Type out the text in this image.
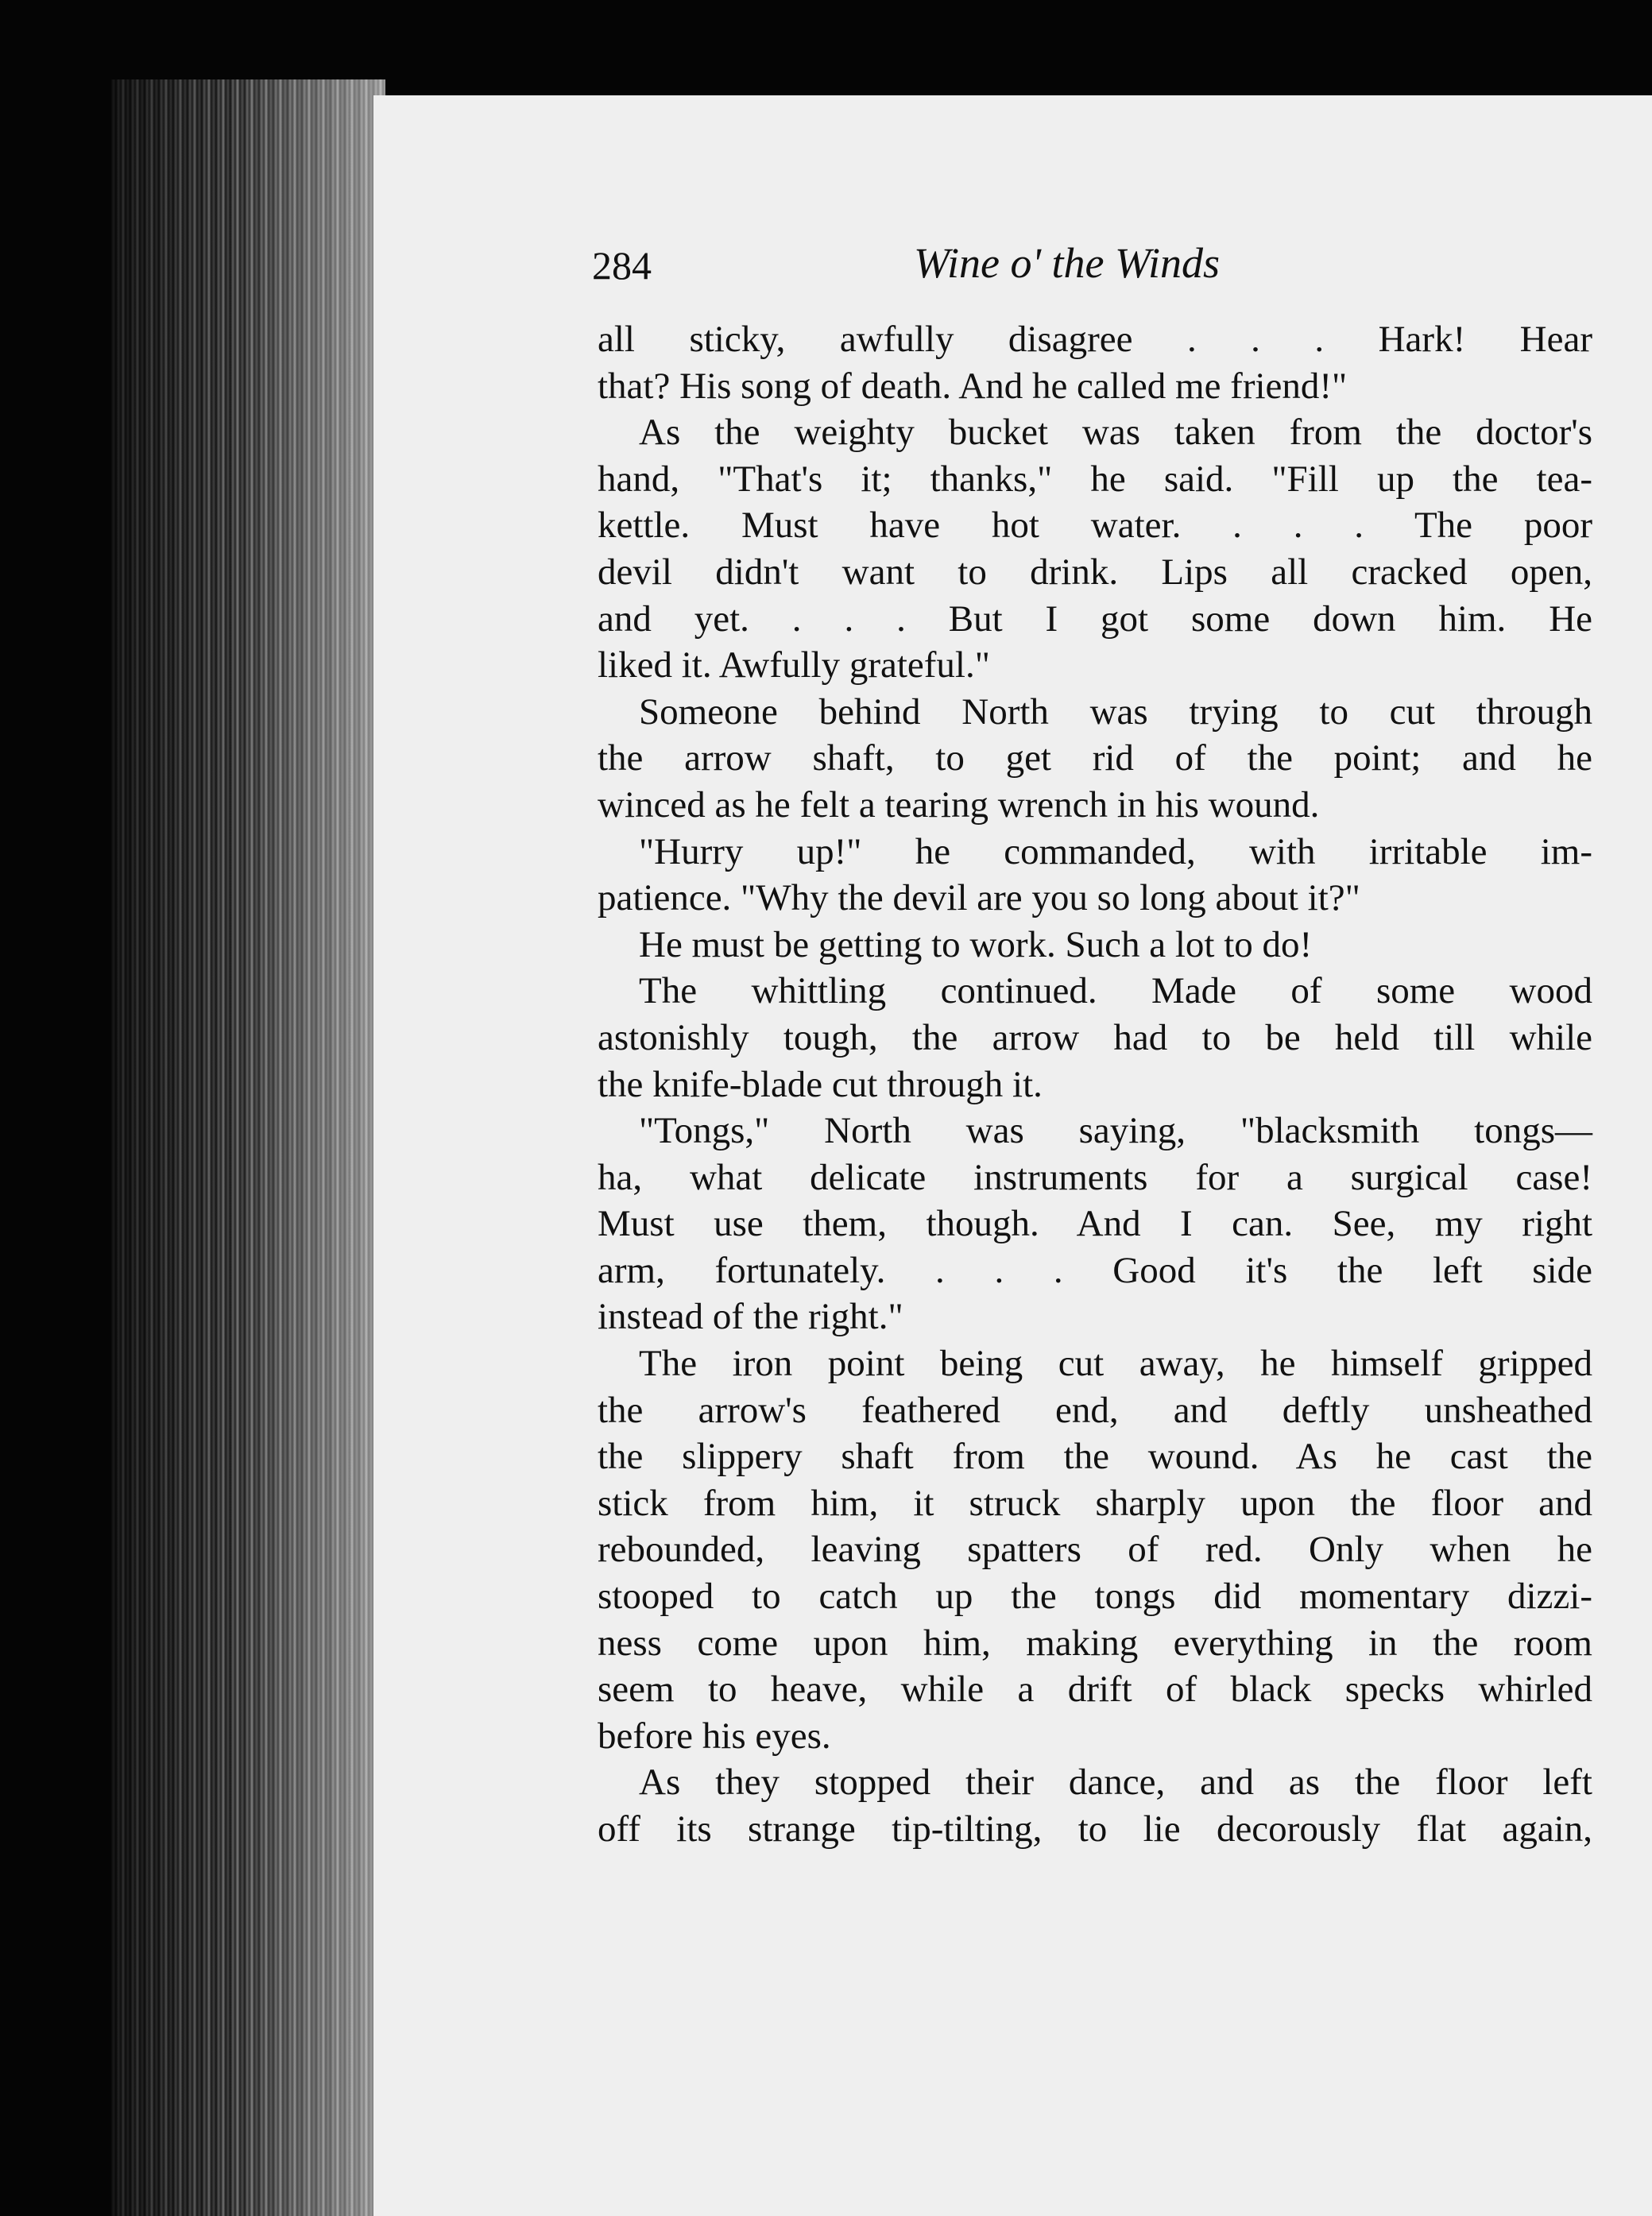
284	Wine o' the Winds
all sticky, awfully disagree . . . Hark! Hear
that? His song of death. And he called me friend!"
As the weighty bucket was taken from the doctor's
hand, "That's it; thanks," he said. "Fill up the tea-
kettle. Must have hot water. . . . The poor
devil didn't want to drink. Lips all cracked open,
and yet. . . . But I got some down him. He
liked it. Awfully grateful."
Someone behind North was trying to cut through
the arrow shaft, to get rid of the point; and he
winced as he felt a tearing wrench in his wound.
"Hurry up!" he commanded, with irritable im-
patience. "Why the devil are you so long about it?"
He must be getting to work. Such a lot to do!
The whittling continued. Made of some wood
astonishly tough, the arrow had to be held till while
the knife-blade cut through it.
"Tongs," North was saying, "blacksmith tongs—
ha, what delicate instruments for a surgical case!
Must use them, though. And I can. See, my right
arm, fortunately. . . . Good it's the left side
instead of the right."
The iron point being cut away, he himself gripped
the arrow's feathered end, and deftly unsheathed
the slippery shaft from the wound. As he cast the
stick from him, it struck sharply upon the floor and
rebounded, leaving spatters of red. Only when he
stooped to catch up the tongs did momentary dizzi-
ness come upon him, making everything in the room
seem to heave, while a drift of black specks whirled
before his eyes.
As they stopped their dance, and as the floor left
off its strange tip-tilting, to lie decorously flat again,
